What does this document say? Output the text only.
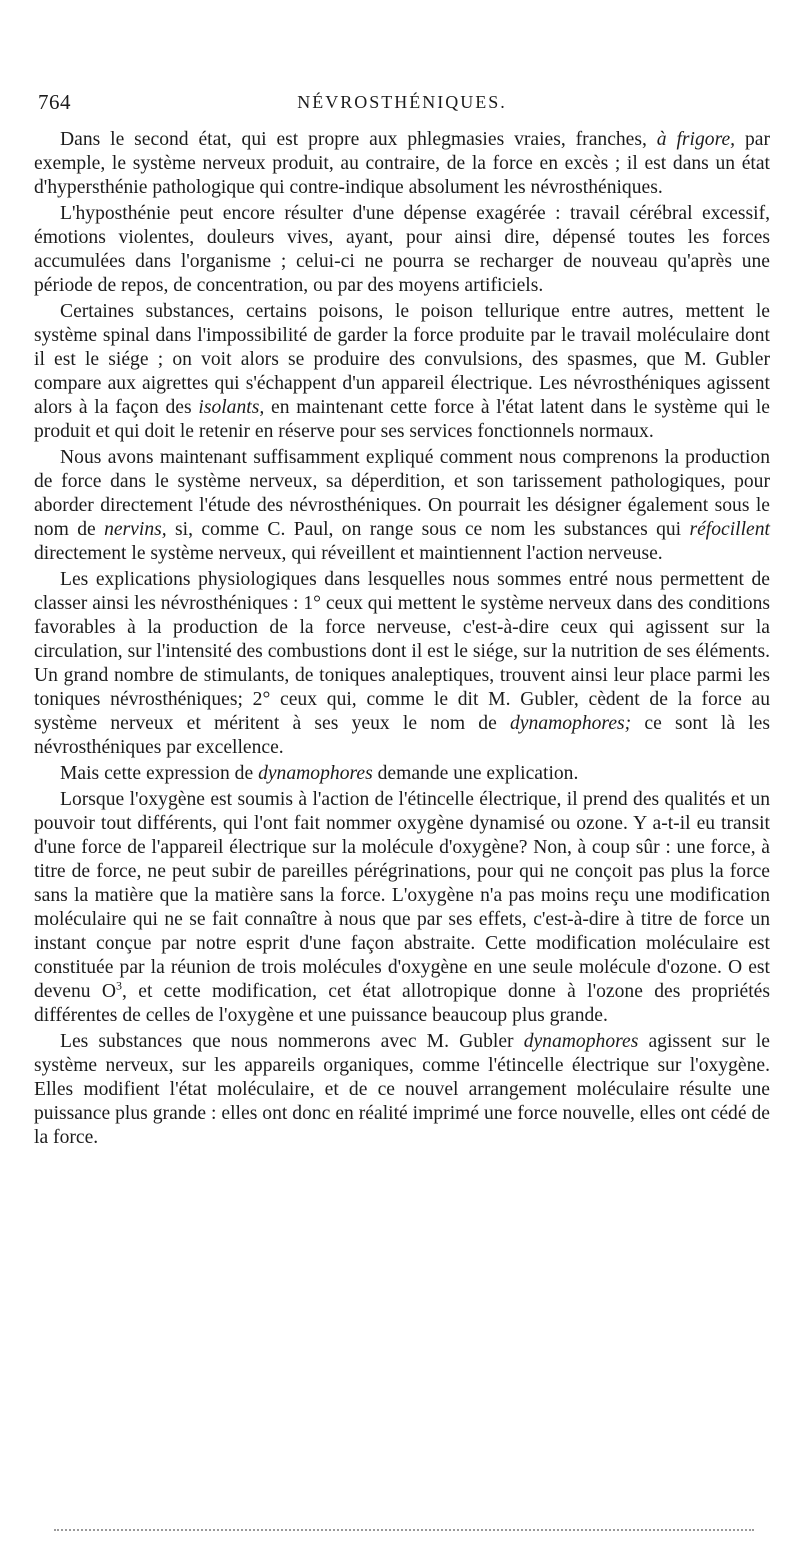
764	NÉVROSTHÉNIQUES.

Dans le second état, qui est propre aux phlegmasies vraies, franches, à frigore, par exemple, le système nerveux produit, au contraire, de la force en excès ; il est dans un état d'hypersthénie pathologique qui contre-indique absolument les névrosthéniques.

L'hyposthénie peut encore résulter d'une dépense exagérée : travail cérébral excessif, émotions violentes, douleurs vives, ayant, pour ainsi dire, dépensé toutes les forces accumulées dans l'organisme ; celui-ci ne pourra se recharger de nouveau qu'après une période de repos, de concentration, ou par des moyens artificiels.

Certaines substances, certains poisons, le poison tellurique entre autres, mettent le système spinal dans l'impossibilité de garder la force produite par le travail moléculaire dont il est le siége ; on voit alors se produire des convulsions, des spasmes, que M. Gubler compare aux aigrettes qui s'échappent d'un appareil électrique. Les névrosthéniques agissent alors à la façon des isolants, en maintenant cette force à l'état latent dans le système qui le produit et qui doit le retenir en réserve pour ses services fonctionnels normaux.

Nous avons maintenant suffisamment expliqué comment nous comprenons la production de force dans le système nerveux, sa déperdition, et son tarissement pathologiques, pour aborder directement l'étude des névrosthéniques. On pourrait les désigner également sous le nom de nervins, si, comme C. Paul, on range sous ce nom les substances qui réfocillent directement le système nerveux, qui réveillent et maintiennent l'action nerveuse.

Les explications physiologiques dans lesquelles nous sommes entré nous permettent de classer ainsi les névrosthéniques : 1° ceux qui mettent le système nerveux dans des conditions favorables à la production de la force nerveuse, c'est-à-dire ceux qui agissent sur la circulation, sur l'intensité des combustions dont il est le siége, sur la nutrition de ses éléments. Un grand nombre de stimulants, de toniques analeptiques, trouvent ainsi leur place parmi les toniques névrosthéniques; 2° ceux qui, comme le dit M. Gubler, cèdent de la force au système nerveux et méritent à ses yeux le nom de dynamophores; ce sont là les névrosthéniques par excellence.

Mais cette expression de dynamophores demande une explication.

Lorsque l'oxygène est soumis à l'action de l'étincelle électrique, il prend des qualités et un pouvoir tout différents, qui l'ont fait nommer oxygène dynamisé ou ozone. Y a-t-il eu transit d'une force de l'appareil électrique sur la molécule d'oxygène? Non, à coup sûr : une force, à titre de force, ne peut subir de pareilles pérégrinations, pour qui ne conçoit pas plus la force sans la matière que la matière sans la force. L'oxygène n'a pas moins reçu une modification moléculaire qui ne se fait connaître à nous que par ses effets, c'est-à-dire à titre de force un instant conçue par notre esprit d'une façon abstraite. Cette modification moléculaire est constituée par la réunion de trois molécules d'oxygène en une seule molécule d'ozone. O est devenu $O^3$, et cette modification, cet état allotropique donne à l'ozone des propriétés différentes de celles de l'oxygène et une puissance beaucoup plus grande.

Les substances que nous nommerons avec M. Gubler dynamophores agissent sur le système nerveux, sur les appareils organiques, comme l'étincelle électrique sur l'oxygène. Elles modifient l'état moléculaire, et de ce nouvel arrangement moléculaire résulte une puissance plus grande : elles ont donc en réalité imprimé une force nouvelle, elles ont cédé de la force.
